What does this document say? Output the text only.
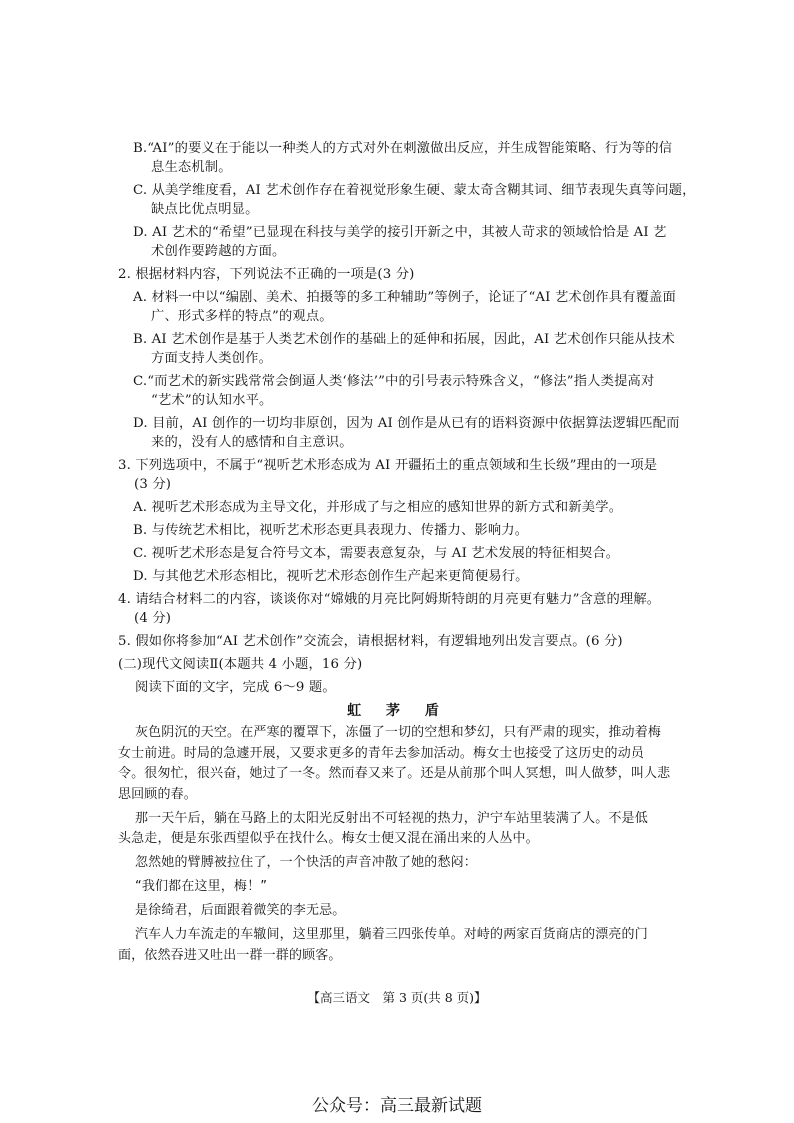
B.“AI”的要义在于能以一种类人的方式对外在刺激做出反应，并生成智能策略、行为等的信
息生态机制。
C. 从美学维度看，AI 艺术创作存在着视觉形象生硬、蒙太奇含糊其词、细节表现失真等问题，
缺点比优点明显。
D. AI 艺术的“希望”已显现在科技与美学的接引开新之中，其被人苛求的领域恰恰是 AI 艺
术创作要跨越的方面。
2. 根据材料内容，下列说法不正确的一项是(3 分)
A. 材料一中以“编剧、美术、拍摄等的多工种辅助”等例子，论证了“AI 艺术创作具有覆盖面
广、形式多样的特点”的观点。
B. AI 艺术创作是基于人类艺术创作的基础上的延伸和拓展，因此，AI 艺术创作只能从技术
方面支持人类创作。
C.“而艺术的新实践常常会倒逼人类‘修法’”中的引号表示特殊含义，“修法”指人类提高对
“艺术”的认知水平。
D. 目前，AI 创作的一切均非原创，因为 AI 创作是从已有的语料资源中依据算法逻辑匹配而
来的，没有人的感情和自主意识。
3. 下列选项中，不属于“视听艺术形态成为 AI 开疆拓土的重点领域和生长级”理由的一项是
(3 分)
A. 视听艺术形态成为主导文化，并形成了与之相应的感知世界的新方式和新美学。
B. 与传统艺术相比，视听艺术形态更具表现力、传播力、影响力。
C. 视听艺术形态是复合符号文本，需要表意复杂，与 AI 艺术发展的特征相契合。
D. 与其他艺术形态相比，视听艺术形态创作生产起来更简便易行。
4. 请结合材料二的内容，谈谈你对“嫦娥的月亮比阿姆斯特朗的月亮更有魅力”含意的理解。
(4 分)
5. 假如你将参加“AI 艺术创作”交流会，请根据材料，有逻辑地列出发言要点。(6 分)
(二)现代文阅读Ⅱ(本题共 4 小题，16 分)
阅读下面的文字，完成 6～9 题。
虹 茅 盾
灰色阴沉的天空。在严寒的覆罩下，冻僵了一切的空想和梦幻，只有严肃的现实，推动着梅
女士前进。时局的急遽开展，又要求更多的青年去参加活动。梅女士也接受了这历史的动员
令。很匆忙，很兴奋，她过了一冬。然而春又来了。还是从前那个叫人冥想，叫人做梦，叫人悲
思回顾的春。
那一天午后，躺在马路上的太阳光反射出不可轻视的热力，沪宁车站里装满了人。不是低
头急走，便是东张西望似乎在找什么。梅女士便又混在涌出来的人丛中。
忽然她的臂膊被拉住了，一个快活的声音冲散了她的愁闷：
“我们都在这里，梅！”
是徐绮君，后面跟着微笑的李无忌。
汽车人力车流走的车辙间，这里那里，躺着三四张传单。对峙的两家百货商店的漂亮的门
面，依然吞进又吐出一群一群的顾客。
【高三语文　第 3 页(共 8 页)】
公众号：高三最新试题
